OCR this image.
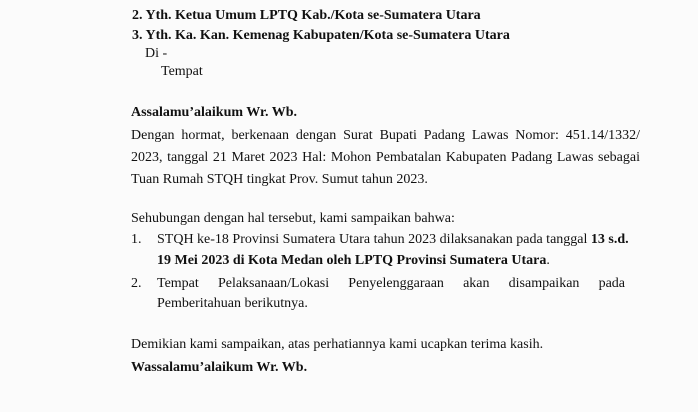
2. Yth. Ketua Umum LPTQ Kab./Kota se-Sumatera Utara
3. Yth. Ka. Kan. Kemenag Kabupaten/Kota se-Sumatera Utara
Di -
Tempat
Assalamu’alaikum Wr. Wb.
Dengan hormat, berkenaan dengan Surat Bupati Padang Lawas Nomor: 451.14/1332/
2023, tanggal 21 Maret 2023 Hal: Mohon Pembatalan Kabupaten Padang Lawas sebagai
Tuan Rumah STQH tingkat Prov. Sumut tahun 2023.
Sehubungan dengan hal tersebut, kami sampaikan bahwa:
1. STQH ke-18 Provinsi Sumatera Utara tahun 2023 dilaksanakan pada tanggal 13 s.d.
19 Mei 2023 di Kota Medan oleh LPTQ Provinsi Sumatera Utara.
2. Tempat Pelaksanaan/Lokasi Penyelenggaraan akan disampaikan pada
Pemberitahuan berikutnya.
Demikian kami sampaikan, atas perhatiannya kami ucapkan terima kasih.
Wassalamu’alaikum Wr. Wb.
